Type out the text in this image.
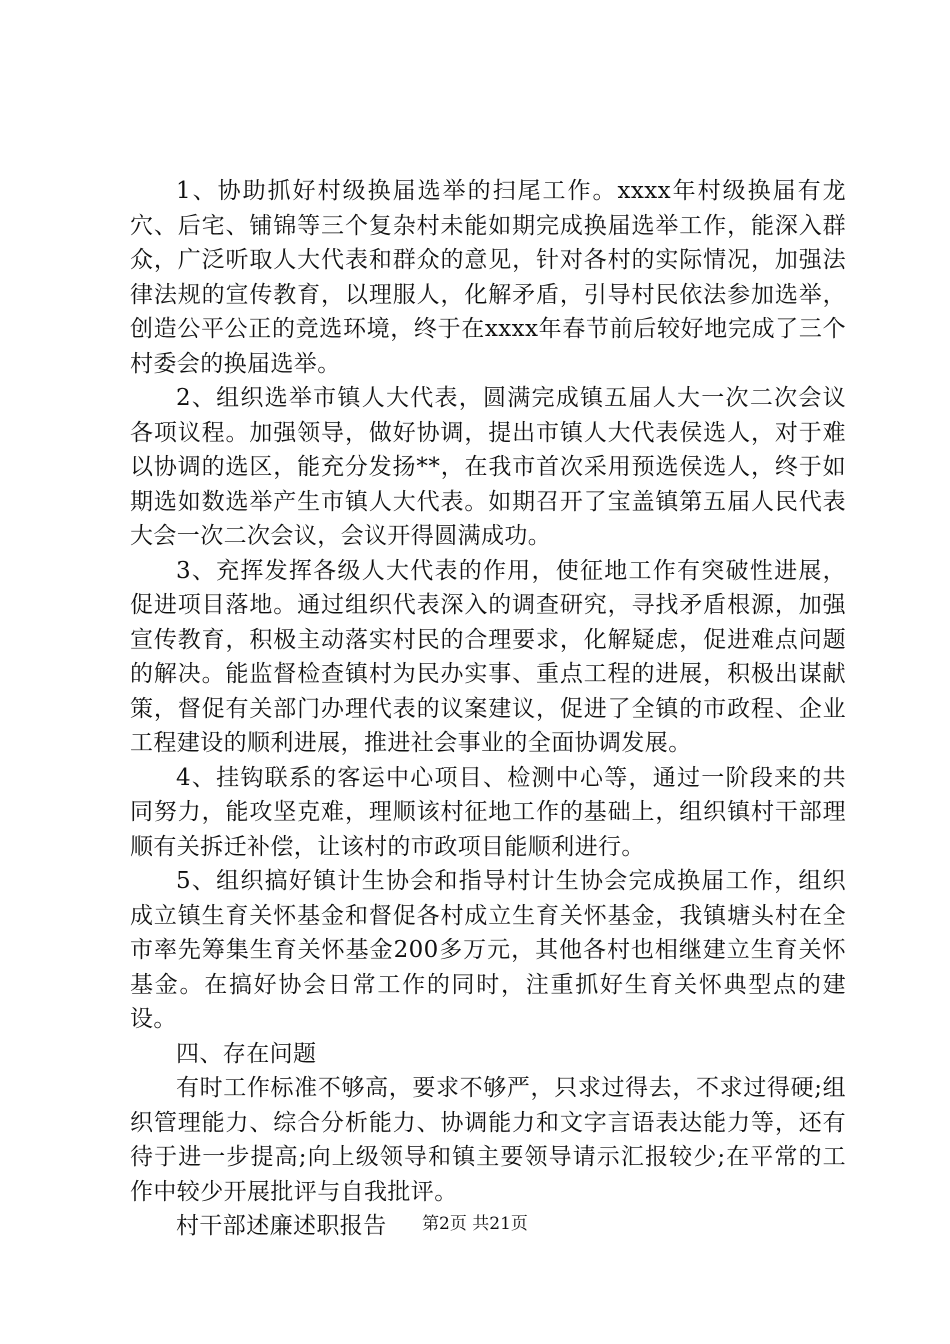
1、协助抓好村级换届选举的扫尾工作。xxxx年村级换届有龙穴、后宅、铺锦等三个复杂村未能如期完成换届选举工作，能深入群众，广泛听取人大代表和群众的意见，针对各村的实际情况，加强法律法规的宣传教育，以理服人，化解矛盾，引导村民依法参加选举，创造公平公正的竞选环境，终于在xxxx年春节前后较好地完成了三个村委会的换届选举。

2、组织选举市镇人大代表，圆满完成镇五届人大一次二次会议各项议程。加强领导，做好协调，提出市镇人大代表侯选人，对于难以协调的选区，能充分发扬**，在我市首次采用预选侯选人，终于如期选如数选举产生市镇人大代表。如期召开了宝盖镇第五届人民代表大会一次二次会议，会议开得圆满成功。

3、充挥发挥各级人大代表的作用，使征地工作有突破性进展，促进项目落地。通过组织代表深入的调查研究，寻找矛盾根源，加强宣传教育，积极主动落实村民的合理要求，化解疑虑，促进难点问题的解决。能监督检查镇村为民办实事、重点工程的进展，积极出谋献策，督促有关部门办理代表的议案建议，促进了全镇的市政程、企业工程建设的顺利进展，推进社会事业的全面协调发展。

4、挂钩联系的客运中心项目、检测中心等，通过一阶段来的共同努力，能攻坚克难，理顺该村征地工作的基础上，组织镇村干部理顺有关拆迁补偿，让该村的市政项目能顺利进行。

5、组织搞好镇计生协会和指导村计生协会完成换届工作，组织成立镇生育关怀基金和督促各村成立生育关怀基金，我镇塘头村在全市率先筹集生育关怀基金200多万元，其他各村也相继建立生育关怀基金。在搞好协会日常工作的同时，注重抓好生育关怀典型点的建设。

四、存在问题

有时工作标准不够高，要求不够严，只求过得去，不求过得硬;组织管理能力、综合分析能力、协调能力和文字言语表达能力等，还有待于进一步提高;向上级领导和镇主要领导请示汇报较少;在平常的工作中较少开展批评与自我批评。

村干部述廉述职报告	第2页 共21页
